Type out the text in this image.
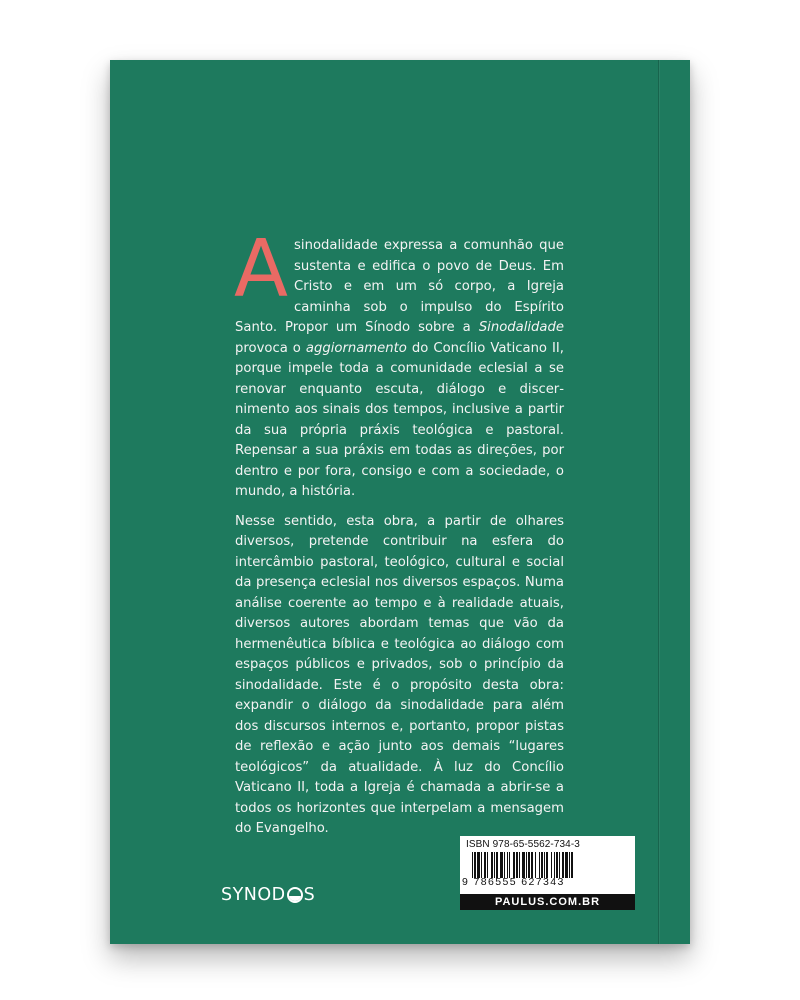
A sinodalidade expressa a comunhão que sustenta e edifica o povo de Deus. Em Cristo e em um só corpo, a Igreja caminha sob o impulso do Espírito Santo. Propor um Sínodo sobre a Sinodalidade provoca o aggiornamento do Concílio Vaticano II, porque impele toda a comunidade eclesial a se renovar enquanto escuta, diálogo e discernimento aos sinais dos tempos, inclusive a partir da sua própria práxis teológica e pastoral. Repensar a sua práxis em todas as direções, por dentro e por fora, consigo e com a sociedade, o mundo, a história.

Nesse sentido, esta obra, a partir de olhares diversos, pretende contribuir na esfera do intercâmbio pastoral, teológico, cultural e social da presença eclesial nos diversos espaços. Numa análise coerente ao tempo e à realidade atuais, diversos autores abordam temas que vão da hermenêutica bíblica e teológica ao diálogo com espaços públicos e privados, sob o princípio da sinodalidade. Este é o propósito desta obra: expandir o diálogo da sinodalidade para além dos discursos internos e, portanto, propor pistas de reflexão e ação junto aos demais “lugares teológicos” da atualidade. À luz do Concílio Vaticano II, toda a Igreja é chamada a abrir-se a todos os horizontes que interpelam a mensagem do Evangelho.

SYNOD S
ISBN 978-65-5562-734-3
9 786555 627343
PAULUS.COM.BR
